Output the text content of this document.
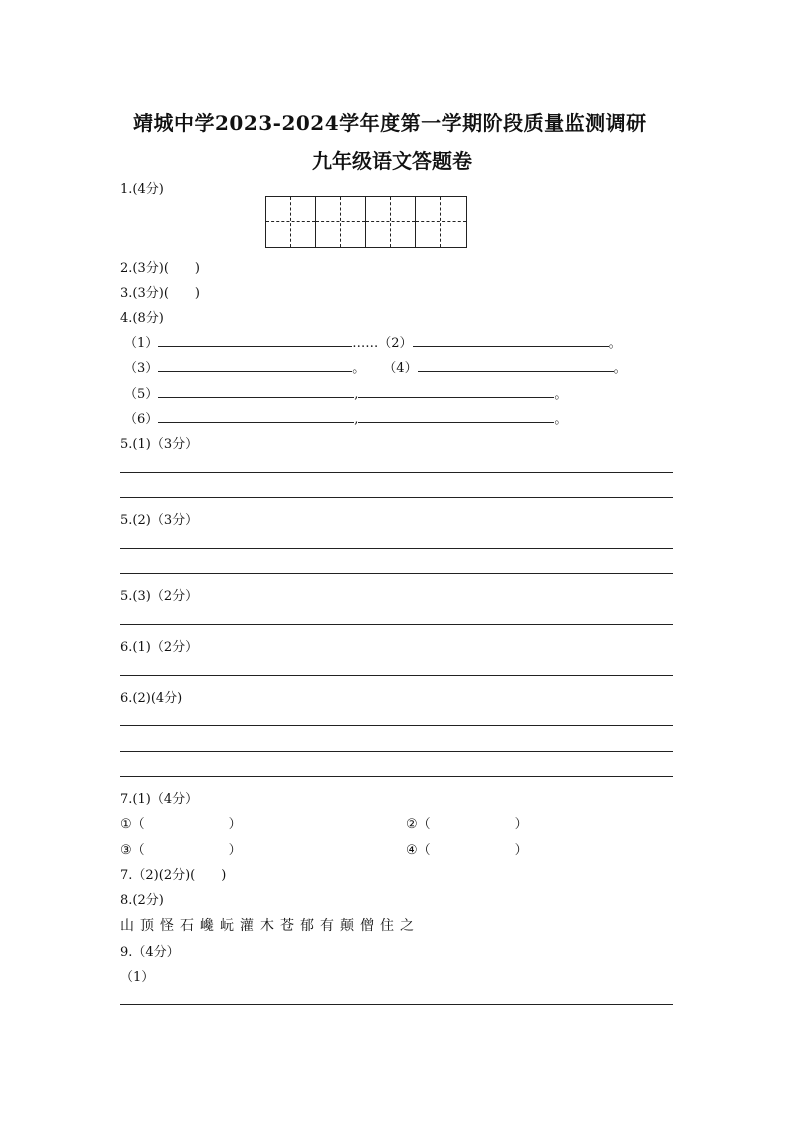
靖城中学2023-2024学年度第一学期阶段质量监测调研
九年级语文答题卷
1.(4分)
2.(3分)(　　)
3.(3分)(　　)
4.(8分)
（1）	……（2）	。
（3）	。 （4）	。
（5）	,	。
（6）	,	。
5.(1)（3分）
5.(2)（3分）
5.(3)（2分）
6.(1)（2分）
6.(2)(4分)
7.(1)（4分）
①（	）	②（	）
③（	）	④（	）
7.（2)(2分)(　　)
8.(2分)
山 顶 怪 石 巉 岏 灌 木 苍 郁 有 颠 僧 住 之
9.（4分）
（1）
